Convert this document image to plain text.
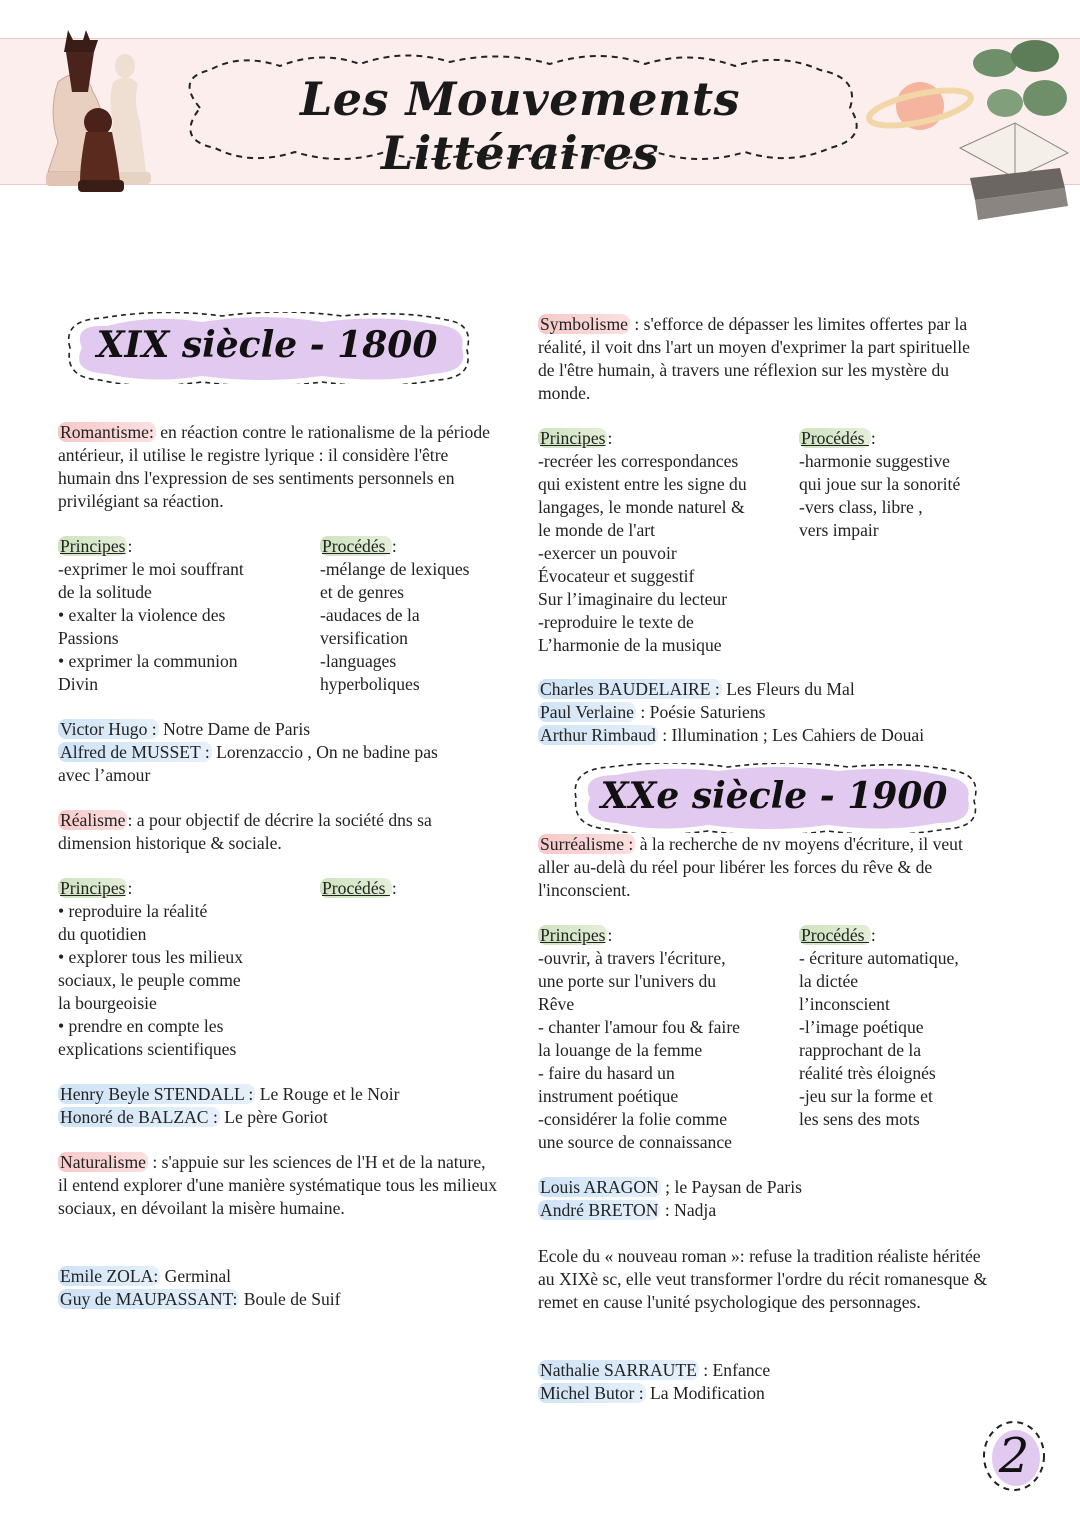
Les Mouvements Littéraires
XIX siècle - 1800

Romantisme: en réaction contre le rationalisme de la période antérieur, il utilise le registre lyrique : il considère l'être humain dns l'expression de ses sentiments personnels en privilégiant sa réaction.

Principes :

-exprimer le moi souffrant

de la solitude

• exalter la violence des

Passions

• exprimer la communion

Divin

Procédés :

-mélange de lexiques

et de genres

-audaces de la

versification

-languages

hyperboliques

Victor Hugo : Notre Dame de Paris

Alfred de MUSSET : Lorenzaccio , On ne badine pas

avec l’amour

Réalisme : a pour objectif de décrire la société dns sa dimension historique & sociale.

Principes :

• reproduire la réalité

du quotidien

• explorer tous les milieux

sociaux, le peuple comme

la bourgeoisie

• prendre en compte les

explications scientifiques

Procédés :

Henry Beyle STENDALL : Le Rouge et le Noir

Honoré de BALZAC : Le père Goriot

Naturalisme : s'appuie sur les sciences de l'H et de la nature, il entend explorer d'une manière systématique tous les milieux sociaux, en dévoilant la misère humaine.

Emile ZOLA: Germinal

Guy de MAUPASSANT: Boule de Suif

Symbolisme : s'efforce de dépasser les limites offertes par la réalité, il voit dns l'art un moyen d'exprimer la part spirituelle de l'être humain, à travers une réflexion sur les mystère du monde.

Principes :

-recréer les correspondances

qui existent entre les signe du

langages, le monde naturel &

le monde de l'art

-exercer un pouvoir

Évocateur et suggestif

Sur l’imaginaire du lecteur

-reproduire le texte de

L’harmonie de la musique

Procédés :

-harmonie suggestive

qui joue sur la sonorité

-vers class, libre ,

vers impair

Charles BAUDELAIRE : Les Fleurs du Mal

Paul Verlaine : Poésie Saturiens

Arthur Rimbaud : Illumination ; Les Cahiers de Douai

XXe siècle - 1900

Surréalisme : à la recherche de nv moyens d'écriture, il veut aller au-delà du réel pour libérer les forces du rêve & de l'inconscient.

Principes :

-ouvrir, à travers l'écriture,

une porte sur l'univers du

Rêve

- chanter l'amour fou & faire

la louange de la femme

- faire du hasard un

instrument poétique

-considérer la folie comme

une source de connaissance

Procédés :

- écriture automatique,

la dictée

l’inconscient

-l’image poétique

rapprochant de la

réalité très éloignés

-jeu sur la forme et

les sens des mots

Louis ARAGON ; le Paysan de Paris

André BRETON : Nadja

Ecole du « nouveau roman »: refuse la tradition réaliste héritée au XIXè sc, elle veut transformer l'ordre du récit romanesque & remet en cause l'unité psychologique des personnages.

Nathalie SARRAUTE : Enfance

Michel Butor : La Modification

2
